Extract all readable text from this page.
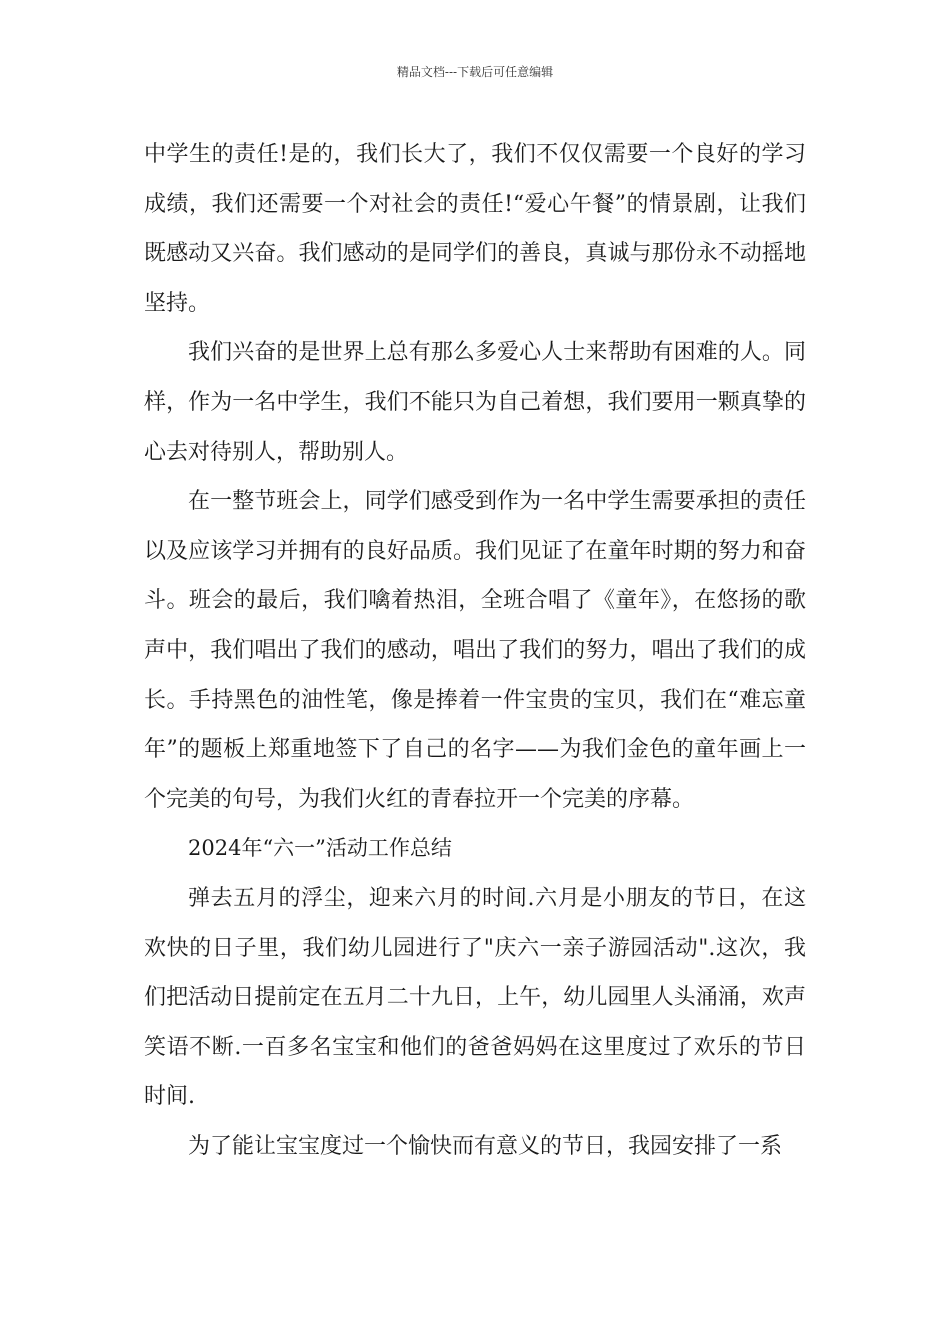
精品文档---下载后可任意编辑

中学生的责任!是的，我们长大了，我们不仅仅需要一个良好的学习成绩，我们还需要一个对社会的责任!“爱心午餐”的情景剧，让我们既感动又兴奋。我们感动的是同学们的善良，真诚与那份永不动摇地坚持。

我们兴奋的是世界上总有那么多爱心人士来帮助有困难的人。同样，作为一名中学生，我们不能只为自己着想，我们要用一颗真挚的心去对待别人，帮助别人。

在一整节班会上，同学们感受到作为一名中学生需要承担的责任以及应该学习并拥有的良好品质。我们见证了在童年时期的努力和奋斗。班会的最后，我们噙着热泪，全班合唱了《童年》，在悠扬的歌声中，我们唱出了我们的感动，唱出了我们的努力，唱出了我们的成长。手持黑色的油性笔，像是捧着一件宝贵的宝贝，我们在“难忘童年”的题板上郑重地签下了自己的名字——为我们金色的童年画上一个完美的句号，为我们火红的青春拉开一个完美的序幕。

2024年“六一”活动工作总结

弹去五月的浮尘，迎来六月的时间.六月是小朋友的节日，在这欢快的日子里，我们幼儿园进行了"庆六一亲子游园活动".这次，我们把活动日提前定在五月二十九日，上午，幼儿园里人头涌涌，欢声笑语不断.一百多名宝宝和他们的爸爸妈妈在这里度过了欢乐的节日时间.

为了能让宝宝度过一个愉快而有意义的节日，我园安排了一系
